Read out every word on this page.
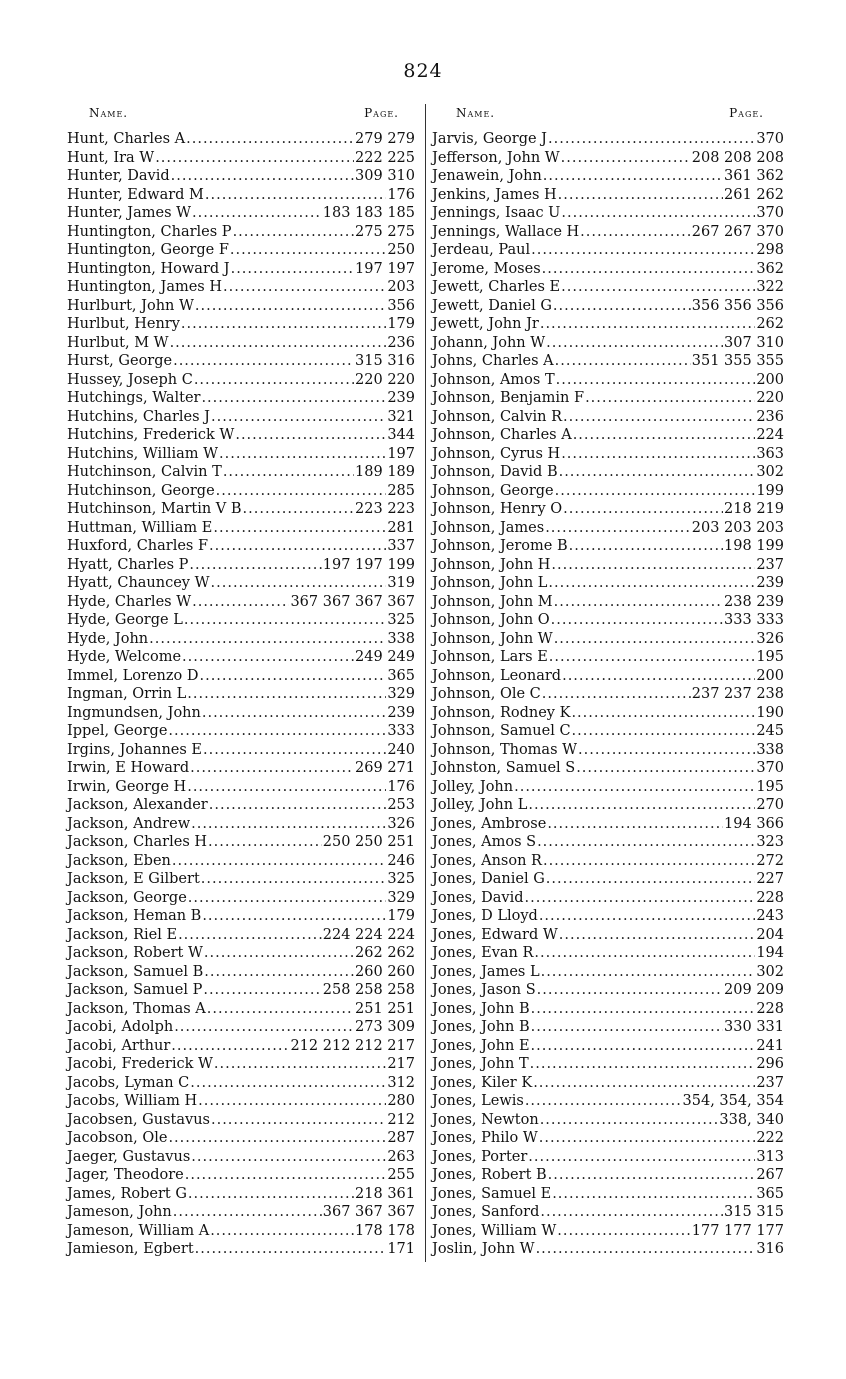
824
Name.	Page.
Hunt, Charles A .....	279 279
Hunt, Ira W .....	222 225
Hunter, David .....	309 310
Hunter, Edward M .....	176
Hunter, James W .....	183 183 185
Huntington, Charles P .....	275 275
Huntington, George F .....	250
Huntington, Howard J .....	197 197
Huntington, James H .....	203
Hurlburt, John W .....	356
Hurlbut, Henry .....	179
Hurlbut, M W .....	236
Hurst, George .....	315 316
Hussey, Joseph C .....	220 220
Hutchings, Walter .....	239
Hutchins, Charles J .....	321
Hutchins, Frederick W .....	344
Hutchins, William W .....	197
Hutchinson, Calvin T .....	189 189
Hutchinson, George .....	285
Hutchinson, Martin V B .....	223 223
Huttman, William E .....	281
Huxford, Charles F .....	337
Hyatt, Charles P .....	197 197 199
Hyatt, Chauncey W .....	319
Hyde, Charles W .....	367 367 367 367
Hyde, George L .....	325
Hyde, John .....	338
Hyde, Welcome .....	249 249
Immel, Lorenzo D .....	365
Ingman, Orrin L .....	329
Ingmundsen, John .....	239
Ippel, George .....	333
Irgins, Johannes E .....	240
Irwin, E Howard .....	269 271
Irwin, George H .....	176
Jackson, Alexander .....	253
Jackson, Andrew .....	326
Jackson, Charles H .....	250 250 251
Jackson, Eben .....	246
Jackson, E Gilbert .....	325
Jackson, George .....	329
Jackson, Heman B .....	179
Jackson, Riel E .....	224 224 224
Jackson, Robert W .....	262 262
Jackson, Samuel B .....	260 260
Jackson, Samuel P .....	258 258 258
Jackson, Thomas A .....	251 251
Jacobi, Adolph .....	273 309
Jacobi, Arthur .....	212 212 212 217
Jacobi, Frederick W .....	217
Jacobs, Lyman C .....	312
Jacobs, William H .....	280
Jacobsen, Gustavus .....	212
Jacobson, Ole .....	287
Jaeger, Gustavus .....	263
Jager, Theodore .....	255
James, Robert G .....	218 361
Jameson, John .....	367 367 367
Jameson, William A .....	178 178
Jamieson, Egbert .....	171
Name.	Page.
Jarvis, George J .....	370
Jefferson, John W .....	208 208 208
Jenawein, John .....	361 362
Jenkins, James H .....	261 262
Jennings, Isaac U .....	370
Jennings, Wallace H .....	267 267 370
Jerdeau, Paul .....	298
Jerome, Moses .....	362
Jewett, Charles E .....	322
Jewett, Daniel G .....	356 356 356
Jewett, John Jr .....	262
Johann, John W .....	307 310
Johns, Charles A .....	351 355 355
Johnson, Amos T .....	200
Johnson, Benjamin F .....	220
Johnson, Calvin R .....	236
Johnson, Charles A .....	224
Johnson, Cyrus H .....	363
Johnson, David B .....	302
Johnson, George .....	199
Johnson, Henry O .....	218 219
Johnson, James .....	203 203 203
Johnson, Jerome B .....	198 199
Johnson, John H .....	237
Johnson, John L .....	239
Johnson, John M .....	238 239
Johnson, John O .....	333 333
Johnson, John W .....	326
Johnson, Lars E .....	195
Johnson, Leonard .....	200
Johnson, Ole C .....	237 237 238
Johnson, Rodney K .....	190
Johnson, Samuel C .....	245
Johnson, Thomas W .....	338
Johnston, Samuel S .....	370
Jolley, John .....	195
Jolley, John L .....	270
Jones, Ambrose .....	194 366
Jones, Amos S .....	323
Jones, Anson R .....	272
Jones, Daniel G .....	227
Jones, David .....	228
Jones, D Lloyd .....	243
Jones, Edward W .....	204
Jones, Evan R .....	194
Jones, James L .....	302
Jones, Jason S .....	209 209
Jones, John B .....	228
Jones, John B .....	330 331
Jones, John E .....	241
Jones, John T .....	296
Jones, Kiler K .....	237
Jones, Lewis .....	354, 354, 354
Jones, Newton .....	338, 340
Jones, Philo W .....	222
Jones, Porter .....	313
Jones, Robert B .....	267
Jones, Samuel E .....	365
Jones, Sanford .....	315 315
Jones, William W .....	177 177 177
Joslin, John W .....	316
